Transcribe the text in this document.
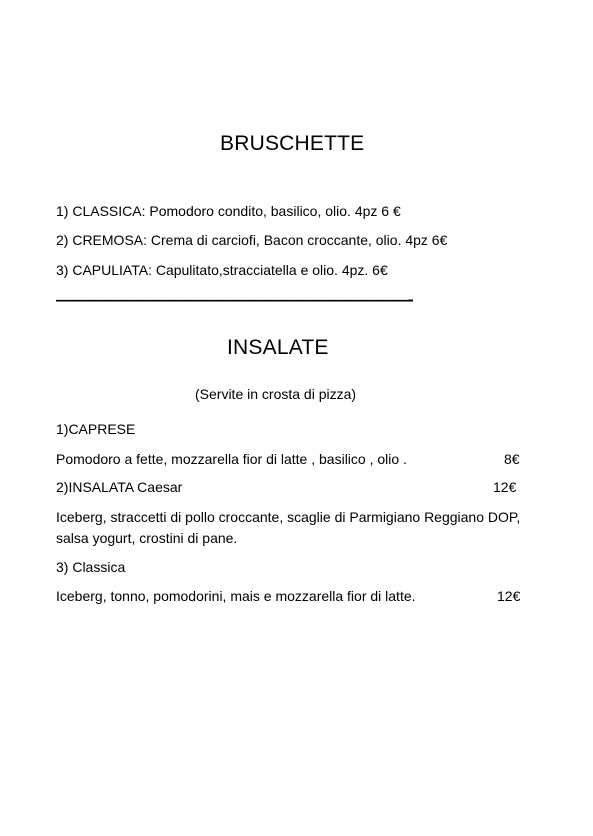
BRUSCHETTE
1) CLASSICA: Pomodoro condito, basilico, olio. 4pz 6 €
2) CREMOSA: Crema di carciofi, Bacon croccante, olio. 4pz 6€
3) CAPULIATA: Capulitato,stracciatella e olio. 4pz. 6€
——————————————————————-
INSALATE
(Servite in crosta di pizza)
1)CAPRESE
Pomodoro a fette, mozzarella fior di latte , basilico , olio .	8€
2)INSALATA Caesar	12€
Iceberg, straccetti di pollo croccante, scaglie di Parmigiano Reggiano DOP,
salsa yogurt, crostini di pane.
3) Classica
Iceberg, tonno, pomodorini, mais e mozzarella fior di latte.	12€
